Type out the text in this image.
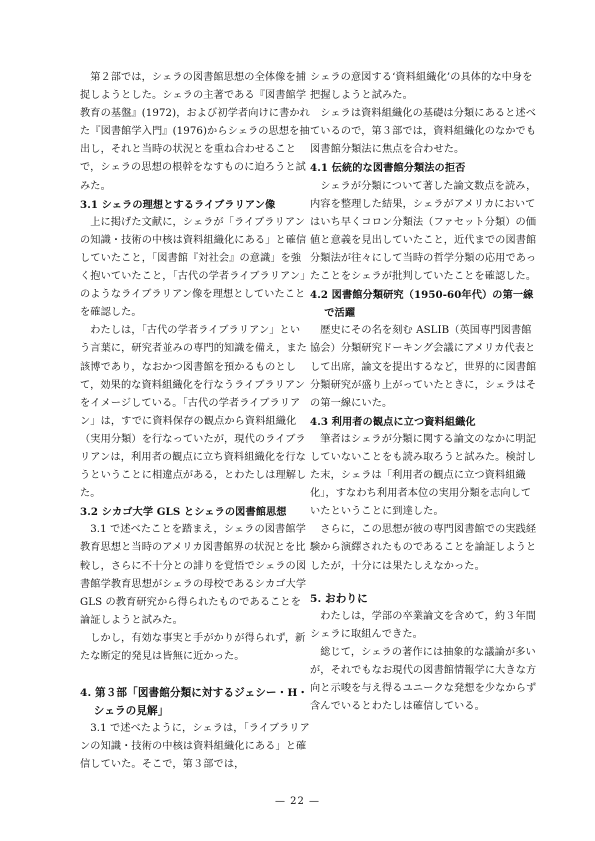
第２部では，シェラの図書館思想の全体像を捕捉しようとした。シェラの主著である『図書館学教育の基盤』(1972)，および初学者向けに書かれた『図書館学入門』(1976)からシェラの思想を抽出し，それと当時の状況とを重ね合わせることで，シェラの思想の根幹をなすものに迫ろうと試みた。

3.1 シェラの理想とするライブラリアン像

上に掲げた文献に，シェラが「ライブラリアンの知識・技術の中核は資料組織化にある」と確信していたこと，「図書館『対社会』の意識」を強く抱いていたこと，「古代の学者ライブラリアン」のようなライブラリアン像を理想としていたことを確認した。

わたしは，「古代の学者ライブラリアン」という言葉に，研究者並みの専門的知識を備え，また該博であり，なおかつ図書館を預かるものとして，効果的な資料組織化を行なうライブラリアンをイメージしている。「古代の学者ライブラリアン」は，すでに資料保存の観点から資料組織化（実用分類）を行なっていたが，現代のライブラリアンは，利用者の観点に立ち資料組織化を行なうということに相違点がある，とわたしは理解した。

3.2 シカゴ大学 GLS とシェラの図書館思想

3.1 で述べたことを踏まえ，シェラの図書館学教育思想と当時のアメリカ図書館界の状況とを比較し，さらに不十分との誹りを覚悟でシェラの図書館学教育思想がシェラの母校であるシカゴ大学 GLS の教育研究から得られたものであることを論証しようと試みた。

しかし，有効な事実と手がかりが得られず，新たな断定的発見は皆無に近かった。

4. 第３部「図書館分類に対するジェシー・H・シェラの見解」

3.1 で述べたように，シェラは，「ライブラリアンの知識・技術の中核は資料組織化にある」と確信していた。そこで，第３部では，

シェラの意図する‘資料組織化’の具体的な中身を把握しようと試みた。

シェラは資料組織化の基礎は分類にあると述べているので，第３部では，資料組織化のなかでも図書館分類法に焦点を合わせた。

4.1 伝統的な図書館分類法の拒否

シェラが分類について著した論文数点を読み，内容を整理した結果，シェラがアメリカにおいてはいち早くコロン分類法（ファセット分類）の価値と意義を見出していたこと，近代までの図書館分類法が往々にして当時の哲学分類の応用であったことをシェラが批判していたことを確認した。

4.2 図書館分類研究（1950-60年代）の第一線で活躍

歴史にその名を刻む ASLIB（英国専門図書館協会）分類研究ドーキング会議にアメリカ代表として出席，論文を提出するなど，世界的に図書館分類研究が盛り上がっていたときに，シェラはその第一線にいた。

4.3 利用者の観点に立つ資料組織化

筆者はシェラが分類に関する論文のなかに明記していないことをも読み取ろうと試みた。検討した末，シェラは「利用者の観点に立つ資料組織化」，すなわち利用者本位の実用分類を志向していたということに到達した。

さらに，この思想が彼の専門図書館での実践経験から演繹されたものであることを論証しようとしたが，十分には果たしえなかった。

5. おわりに

わたしは，学部の卒業論文を含めて，約３年間シェラに取組んできた。

総じて，シェラの著作には抽象的な議論が多いが，それでもなお現代の図書館情報学に大きな方向と示唆を与え得るユニークな発想を少なからず含んでいるとわたしは確信している。

— 22 —
